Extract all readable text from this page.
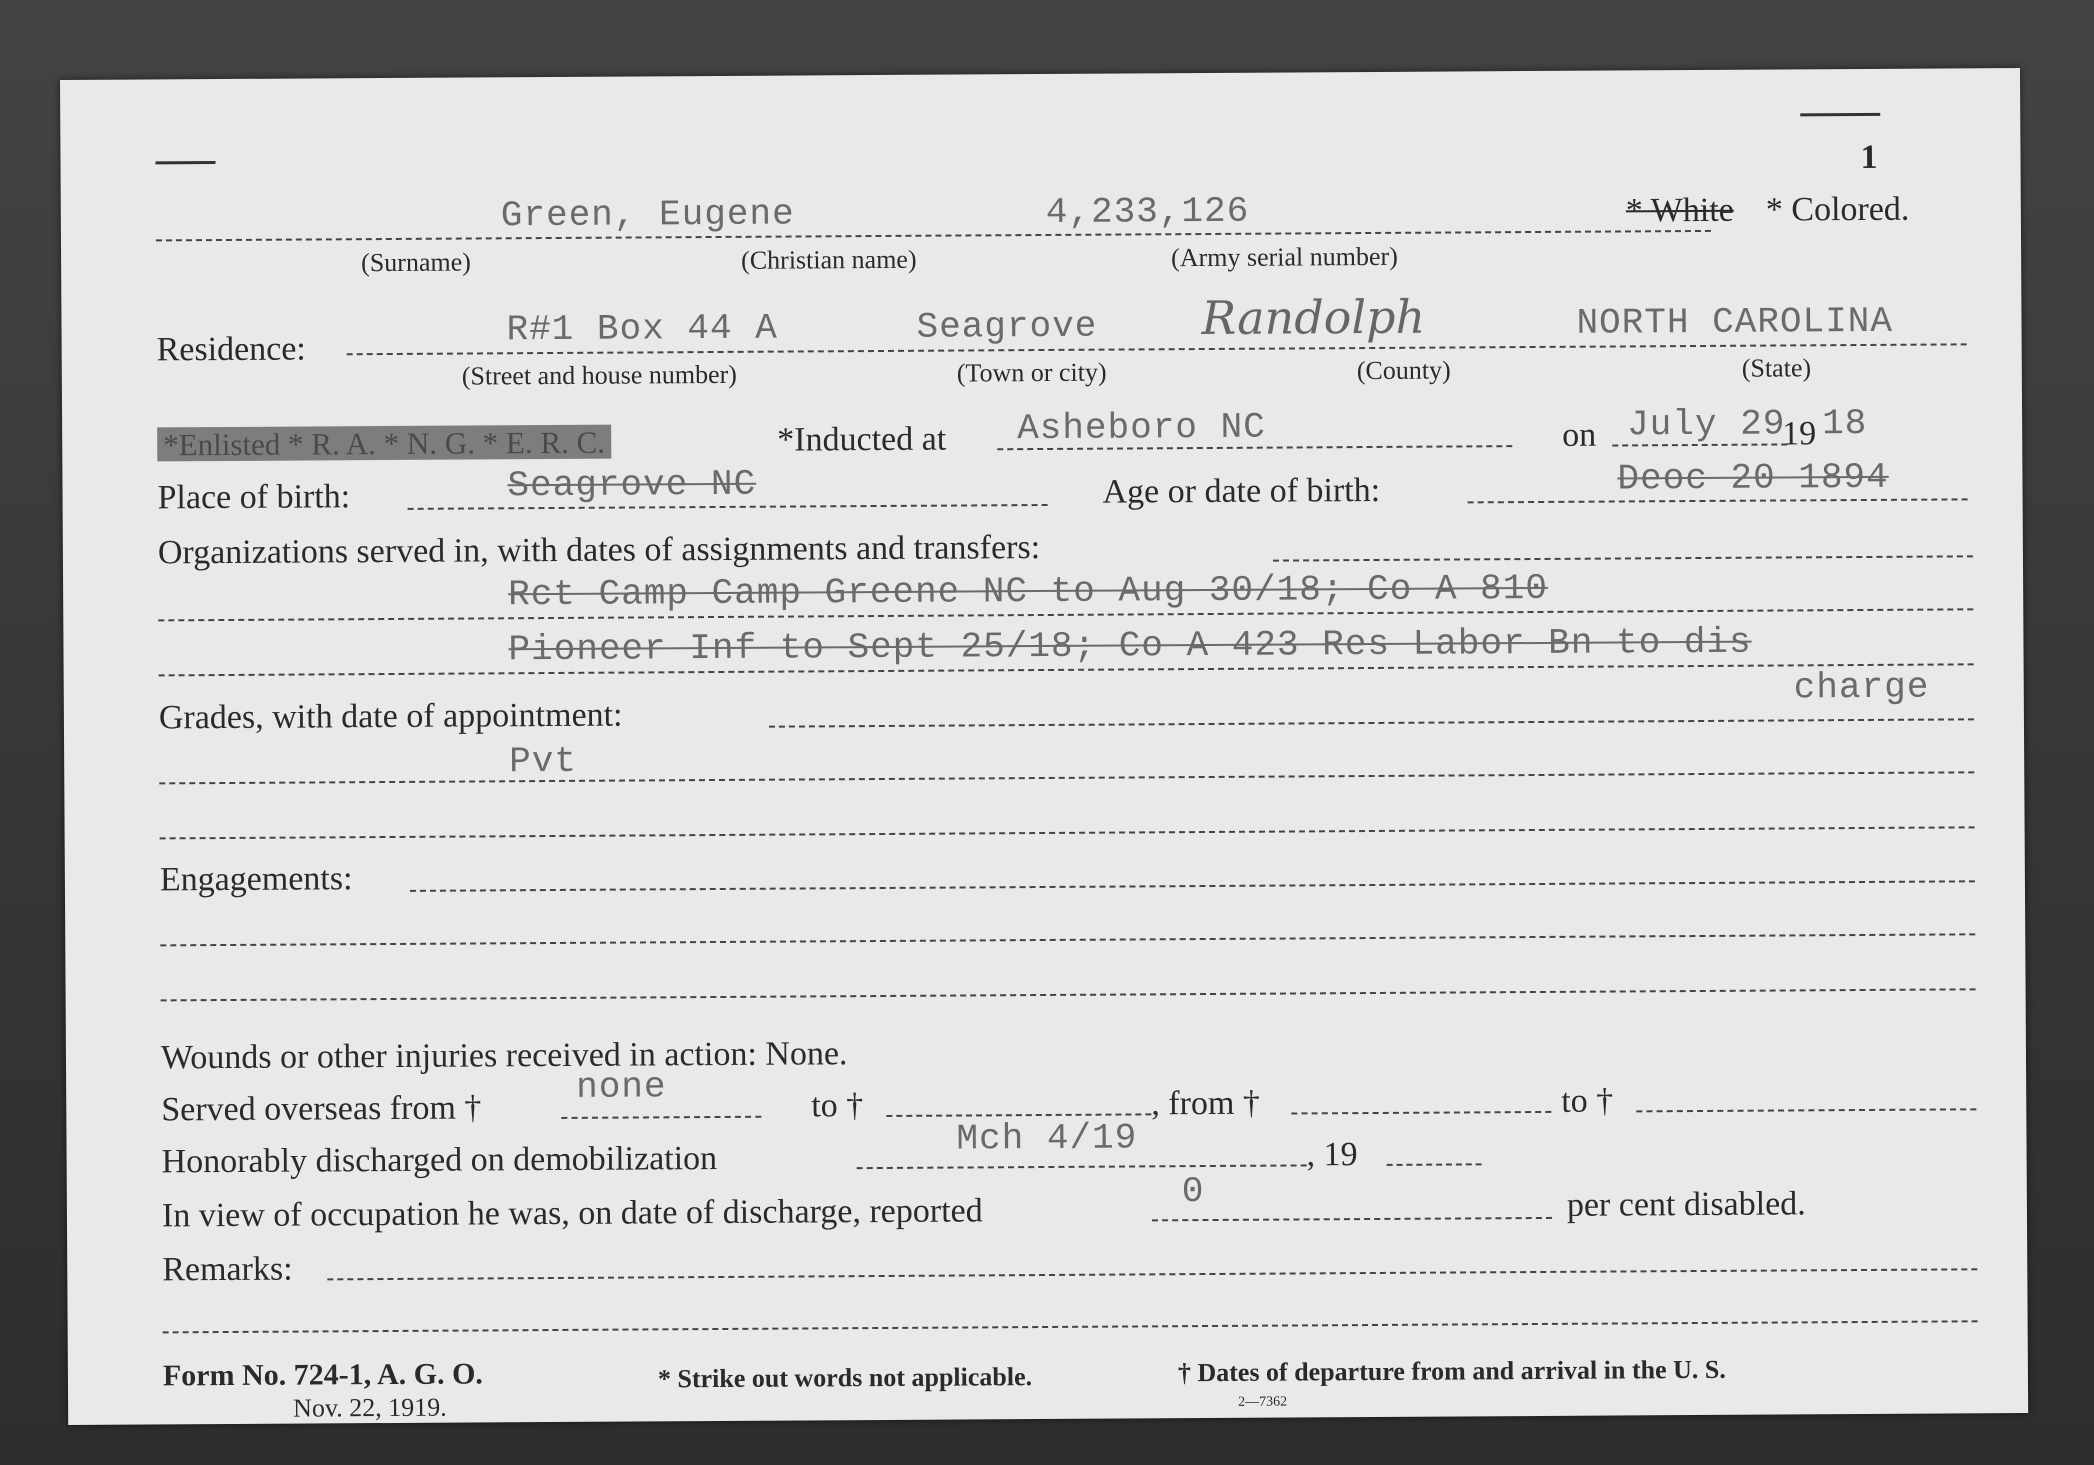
1
Green, Eugene	4,233,126	* White * Colored.
(Surname)	(Christian name)	(Army serial number)
Residence:	R#1 Box 44 A	Seagrove Randolph	NORTH CAROLINA
(Street and house number)	(Town or city)	(County)	(State)
*Enlisted * R. A. * N. G. * E. R. C.	*Inducted at Asheboro NC	on July 29
19 18
Place of birth:	Seagrove NC	Age or date of birth:	Deoc 20 1894
Organizations served in, with dates of assignments and transfers:
Rct Camp Camp Greene NC to Aug 30/18; Co A 810
Pioneer Inf to Sept 25/18; Co A 423 Res Labor Bn to dis
charge
Grades, with date of appointment:
Pvt
Engagements:
Wounds or other injuries received in action: None.
Served overseas from †
none	to †	, from †	to †
Honorably discharged on demobilization
Mch 4/19	, 19
In view of occupation he was, on date of discharge, reported
0	per cent disabled.
Remarks:
Form No. 724-1, A. G. O.
Nov. 22, 1919.
* Strike out words not applicable.	† Dates of departure from and arrival in the U. S.
2—7362
